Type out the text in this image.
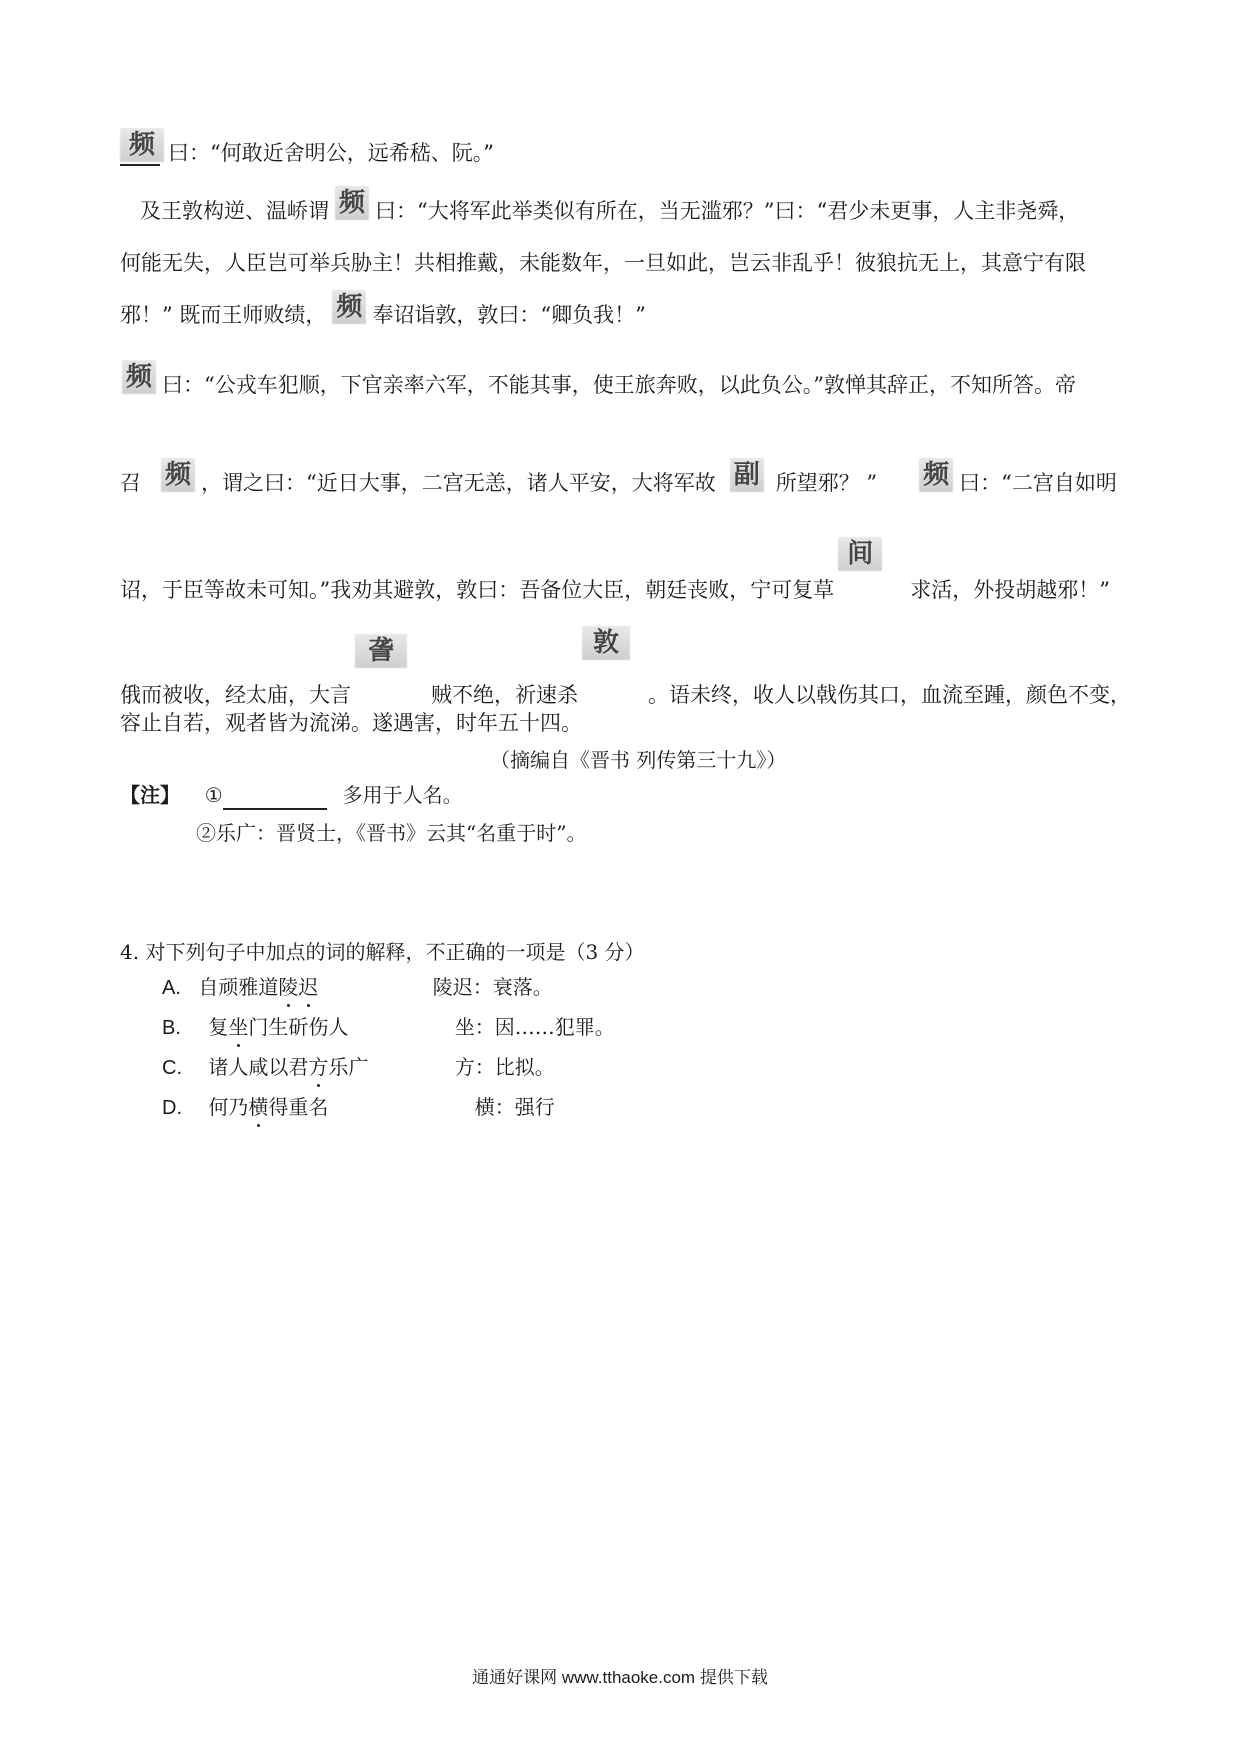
频 曰：“何敢近舍明公，远希嵇、阮。”
及王敦构逆、温峤谓 频 曰：“大将军此举类似有所在，当无滥邪？”曰：“君少未更事，人主非尧舜，
何能无失，人臣岂可举兵胁主！共相推戴，未能数年，一旦如此，岂云非乱乎！彼狼抗无上，其意宁有限
邪！” 既而王师败绩， 频 奉诏诣敦，敦曰：“卿负我！”
频 曰：“公戎车犯顺，下官亲率六军，不能其事，使王旅奔败，以此负公。”敦惮其辞正，不知所答。帝
召 频 ，谓之曰：“近日大事，二宫无恙，诸人平安，大将军故 副 所望邪？ ” 频 曰：“二宫自如明
诏，于臣等故未可知。”我劝其避敦，敦曰：吾备位大臣，朝廷丧败，宁可复草
间
求活，外投胡越邪！”
俄而被收，经太庙，大言
詟
贼不绝，祈速杀
敦
。语未终，收人以戟伤其口，血流至踵，颜色不变，
容止自若，观者皆为流涕。遂遇害，时年五十四。
（摘编自《晋书 列传第三十九》）
【注】 ①	多用于人名。
②乐广：晋贤士，《晋书》云其“名重于时”。
4. 对下列句子中加点的词的解释，不正确的一项是（3 分）
A. 自顽雅道陵迟	陵迟：衰落。
B. 复坐门生斫伤人	坐：因……犯罪。
C. 诸人咸以君方乐广	方：比拟。
D. 何乃横得重名	横：强行
通通好课网 www.tthaoke.com 提供下载
